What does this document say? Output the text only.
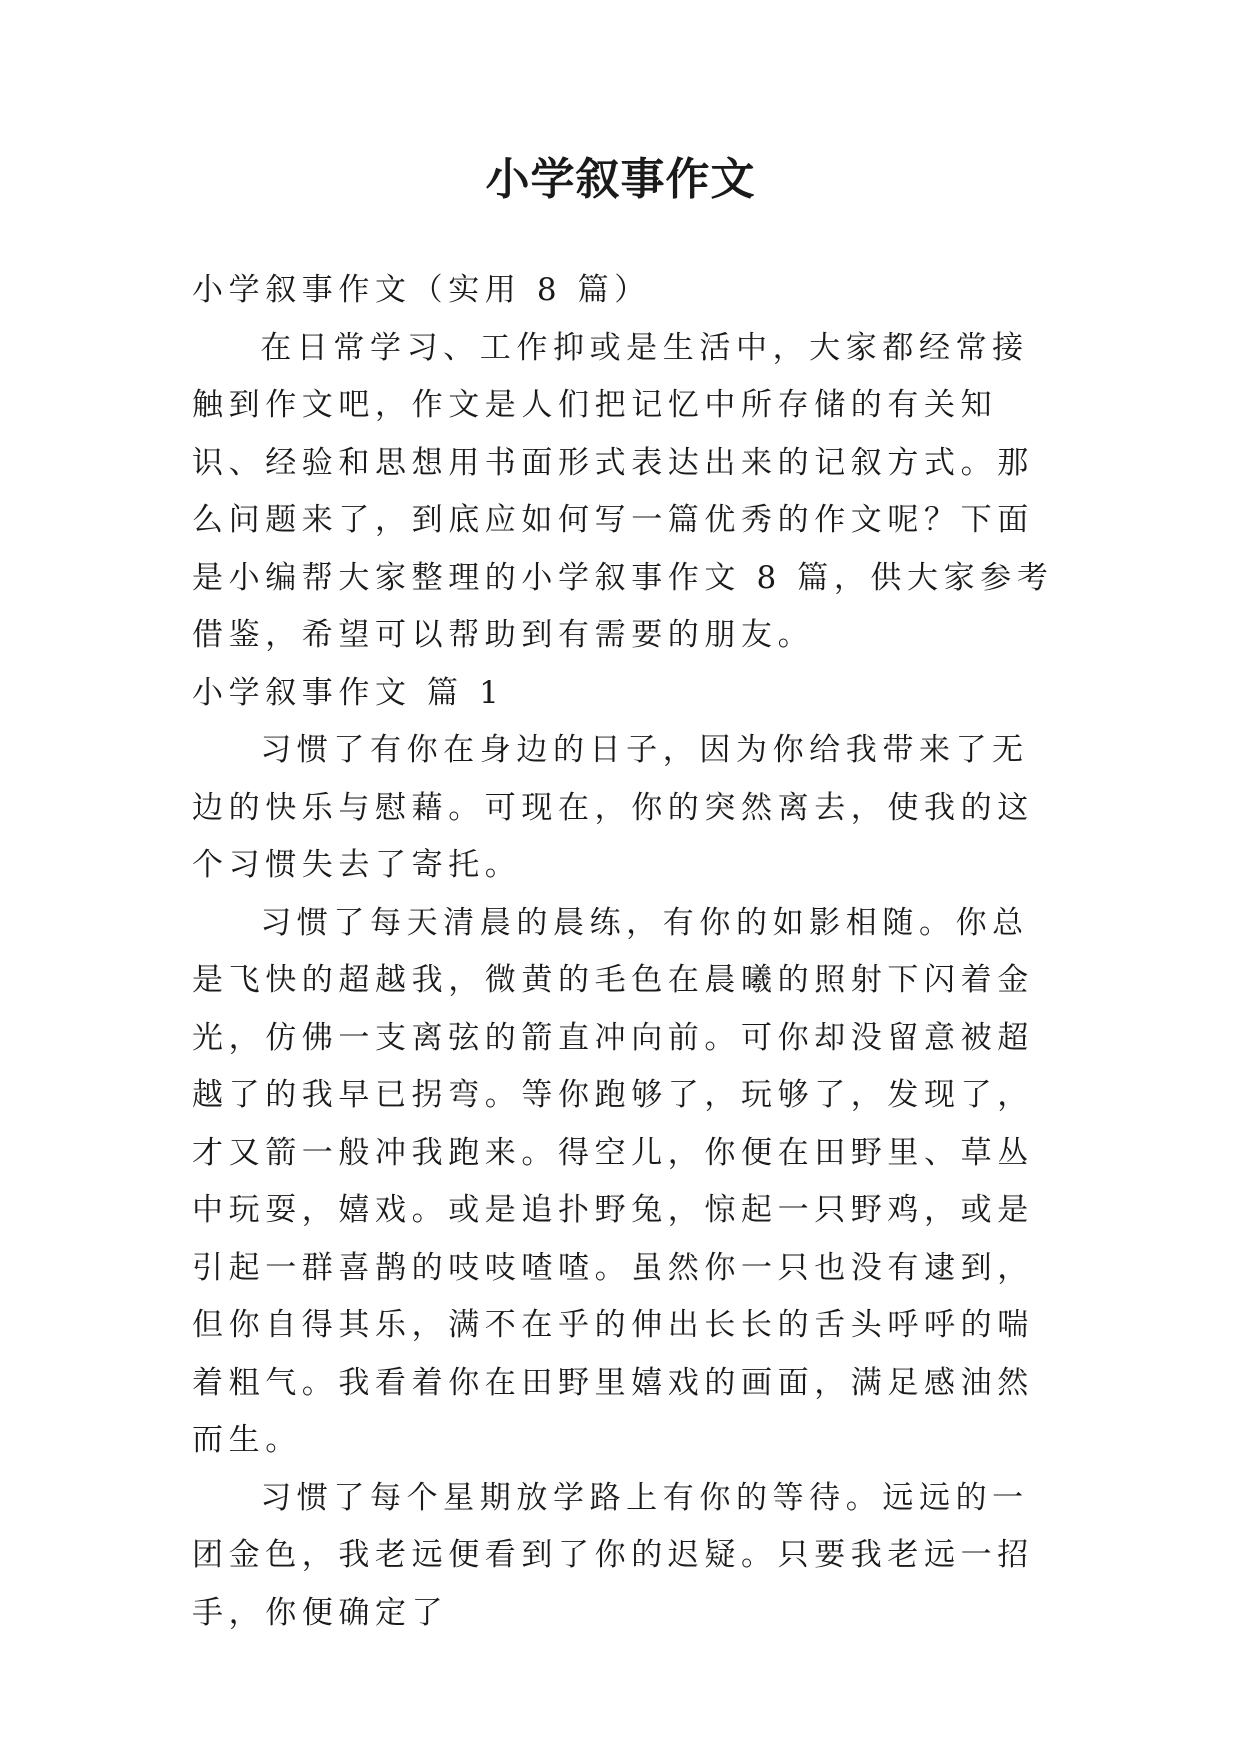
小学叙事作文

小学叙事作文（实用 8 篇）

在日常学习、工作抑或是生活中，大家都经常接触到作文吧，作文是人们把记忆中所存储的有关知识、经验和思想用书面形式表达出来的记叙方式。那么问题来了，到底应如何写一篇优秀的作文呢？下面是小编帮大家整理的小学叙事作文 8 篇，供大家参考借鉴，希望可以帮助到有需要的朋友。

小学叙事作文 篇 1

习惯了有你在身边的日子，因为你给我带来了无边的快乐与慰藉。可现在，你的突然离去，使我的这个习惯失去了寄托。

习惯了每天清晨的晨练，有你的如影相随。你总是飞快的超越我，微黄的毛色在晨曦的照射下闪着金光，仿佛一支离弦的箭直冲向前。可你却没留意被超越了的我早已拐弯。等你跑够了，玩够了，发现了，才又箭一般冲我跑来。得空儿，你便在田野里、草丛中玩耍，嬉戏。或是追扑野兔，惊起一只野鸡，或是引起一群喜鹊的吱吱喳喳。虽然你一只也没有逮到，但你自得其乐，满不在乎的伸出长长的舌头呼呼的喘着粗气。我看着你在田野里嬉戏的画面，满足感油然而生。

习惯了每个星期放学路上有你的等待。远远的一团金色，我老远便看到了你的迟疑。只要我老远一招手，你便确定了
